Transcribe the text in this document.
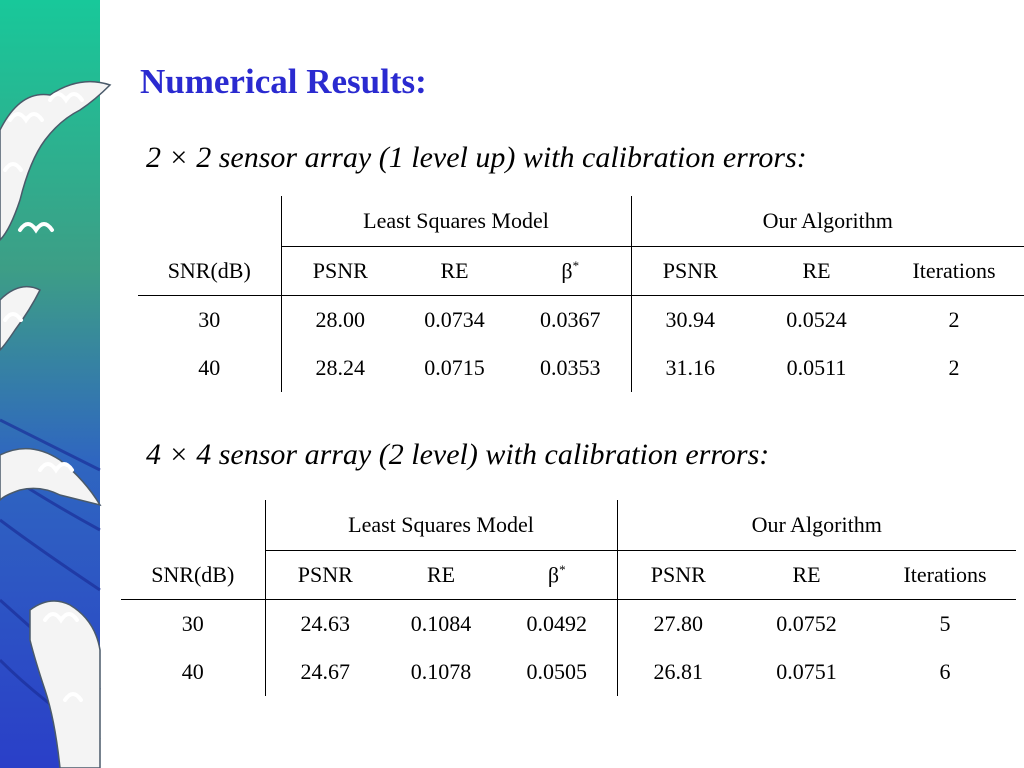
Numerical Results:

2 × 2 sensor array (1 level up) with calibration errors:

	Least Squares Model			Our Algorithm		
SNR(dB)	PSNR	RE	β*	PSNR	RE	Iterations
30	28.00	0.0734	0.0367	30.94	0.0524	2
40	28.24	0.0715	0.0353	31.16	0.0511	2

4 × 4 sensor array (2 level) with calibration errors:

	Least Squares Model			Our Algorithm		
SNR(dB)	PSNR	RE	β*	PSNR	RE	Iterations
30	24.63	0.1084	0.0492	27.80	0.0752	5
40	24.67	0.1078	0.0505	26.81	0.0751	6
